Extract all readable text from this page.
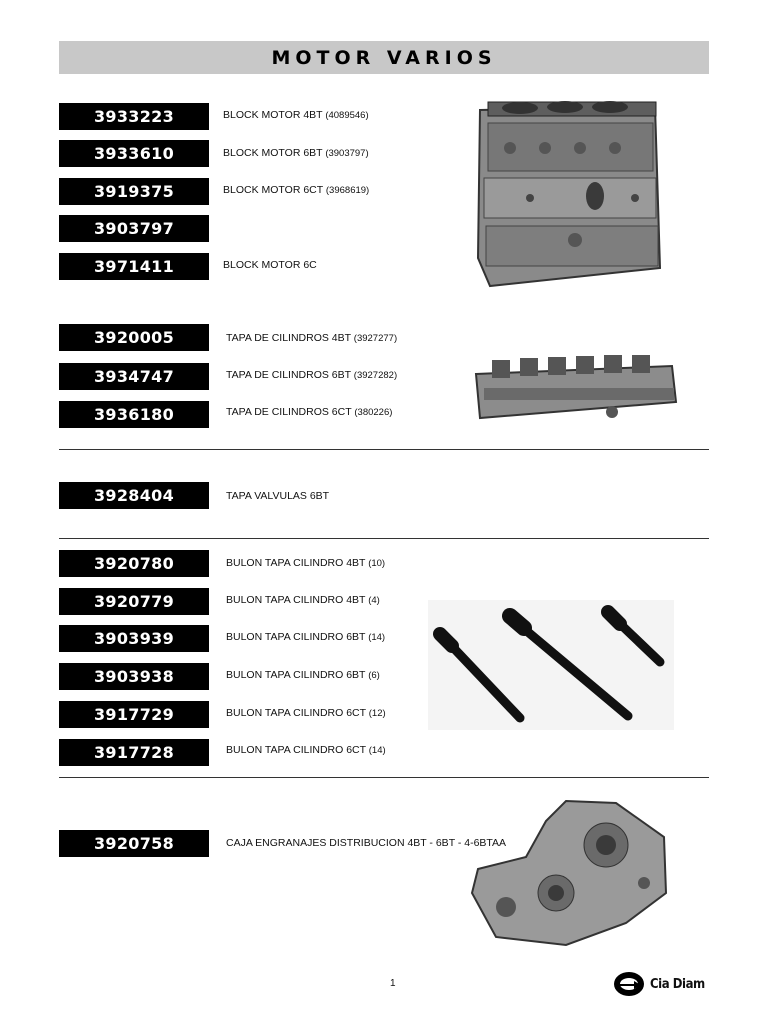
MOTOR VARIOS
3933223	BLOCK MOTOR 4BT (4089546)
3933610	BLOCK MOTOR 6BT (3903797)
3919375	BLOCK MOTOR 6CT (3968619)
3903797
3971411	BLOCK MOTOR 6C
3920005	TAPA DE CILINDROS 4BT (3927277)
3934747	TAPA DE CILINDROS 6BT (3927282)
3936180	TAPA DE CILINDROS 6CT (380226)
3928404	TAPA VALVULAS 6BT
3920780	BULON TAPA CILINDRO 4BT (10)
3920779	BULON TAPA CILINDRO 4BT (4)
3903939	BULON TAPA CILINDRO 6BT (14)
3903938	BULON TAPA CILINDRO 6BT (6)
3917729	BULON TAPA CILINDRO 6CT (12)
3917728	BULON TAPA CILINDRO 6CT (14)
3920758	CAJA ENGRANAJES DISTRIBUCION 4BT - 6BT - 4-6BTAA
1	Cia Diam
